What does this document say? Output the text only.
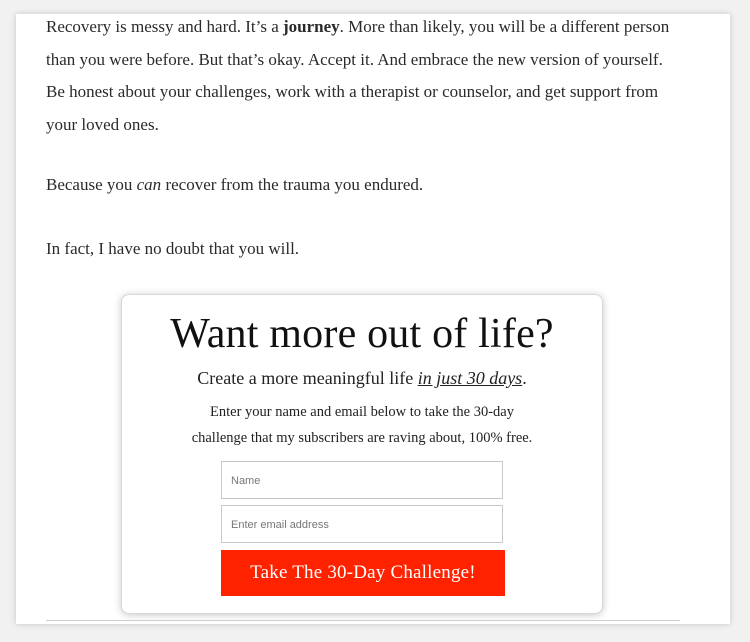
Recovery is messy and hard. It’s a journey. More than likely, you will be a different person
than you were before. But that’s okay. Accept it. And embrace the new version of yourself.
Be honest about your challenges, work with a therapist or counselor, and get support from
your loved ones.

Because you can recover from the trauma you endured.

In fact, I have no doubt that you will.

Want more out of life?
Create a more meaningful life in just 30 days.
Enter your name and email below to take the 30-day
challenge that my subscribers are raving about, 100% free.
Name
Enter email address
Take The 30-Day Challenge!
